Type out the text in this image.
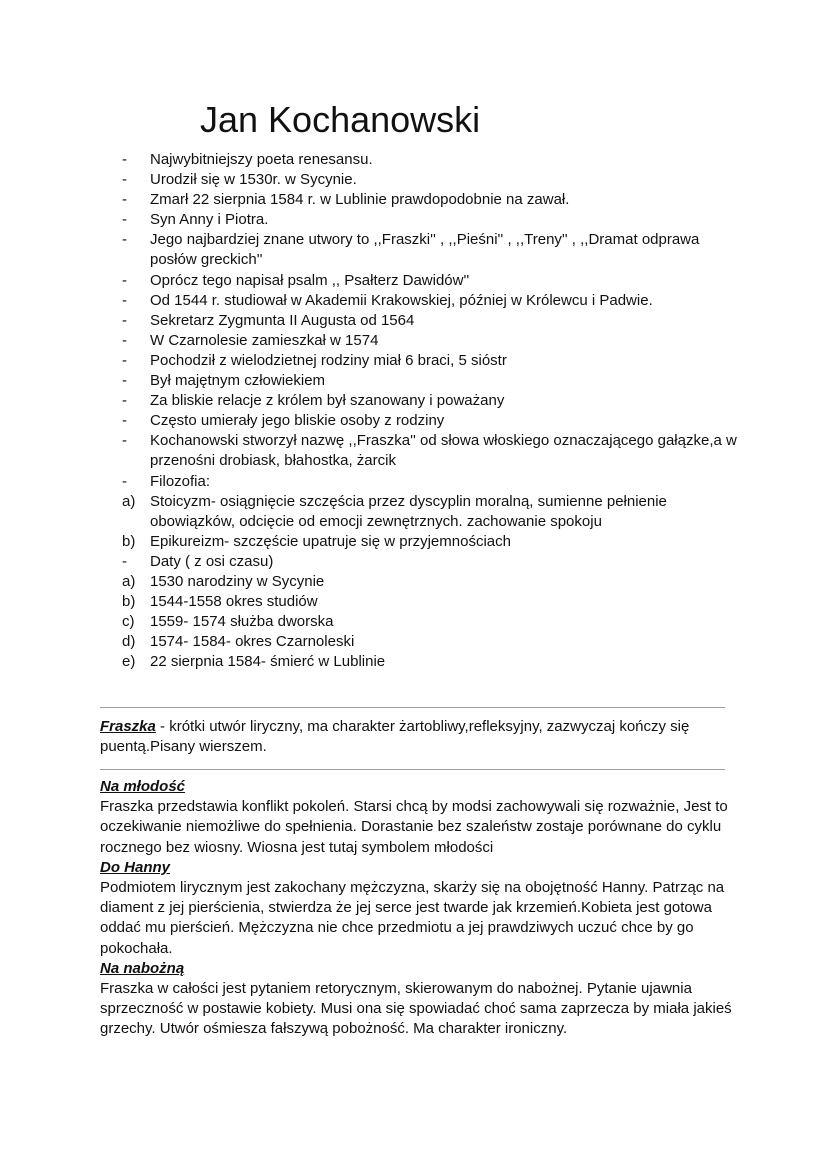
Jan Kochanowski
-	Najwybitniejszy poeta renesansu.
-	Urodził się w 1530r. w Sycynie.
-	Zmarł 22 sierpnia 1584 r. w Lublinie prawdopodobnie na zawał.
-	Syn Anny i Piotra.
-	Jego najbardziej znane utwory to ,,Fraszki'' , ,,Pieśni'' , ,,Treny'' , ,,Dramat odprawa posłów greckich''
-	Oprócz tego napisał psalm ,, Psałterz Dawidów''
-	Od 1544 r. studiował w Akademii Krakowskiej, później w Królewcu i Padwie.
-	Sekretarz Zygmunta II Augusta od 1564
-	W Czarnolesie zamieszkał w 1574
-	Pochodził z wielodzietnej rodziny miał 6 braci, 5 sióstr
-	Był majętnym człowiekiem
-	Za bliskie relacje z królem był szanowany i poważany
-	Często umierały jego bliskie osoby z rodziny
-	Kochanowski stworzył nazwę ,,Fraszka'' od słowa włoskiego oznaczającego gałązke,a w przenośni drobiask, błahostka, żarcik
-	Filozofia:
a) Stoicyzm- osiągnięcie szczęścia przez dyscyplin moralną, sumienne pełnienie obowiązków, odcięcie od emocji zewnętrznych. zachowanie spokoju
b) Epikureizm- szczęście upatruje się w przyjemnościach
-	Daty ( z osi czasu)
a) 1530 narodziny w Sycynie
b) 1544-1558 okres studiów
c)	1559- 1574 służba dworska
d) 1574- 1584- okres Czarnoleski
e) 22 sierpnia 1584- śmierć w Lublinie

Fraszka - krótki utwór liryczny, ma charakter żartobliwy,refleksyjny, zazwyczaj kończy się puentą.Pisany wierszem.

Na młodość

Fraszka przedstawia konflikt pokoleń. Starsi chcą by modsi zachowywali się rozważnie, Jest to oczekiwanie niemożliwe do spełnienia. Dorastanie bez szaleństw zostaje porównane do cyklu rocznego bez wiosny. Wiosna jest tutaj symbolem młodości

Do Hanny

Podmiotem lirycznym jest zakochany mężczyzna, skarży się na obojętność Hanny. Patrząc na diament z jej pierścienia, stwierdza że jej serce jest twarde jak krzemień.Kobieta jest gotowa oddać mu pierścień. Mężczyzna nie chce przedmiotu a jej prawdziwych uczuć chce by go pokochała.

Na nabożną

Fraszka w całości jest pytaniem retorycznym, skierowanym do nabożnej. Pytanie ujawnia sprzeczność w postawie kobiety. Musi ona się spowiadać choć sama zaprzecza by miała jakieś grzechy. Utwór ośmiesza fałszywą pobożność. Ma charakter ironiczny.
